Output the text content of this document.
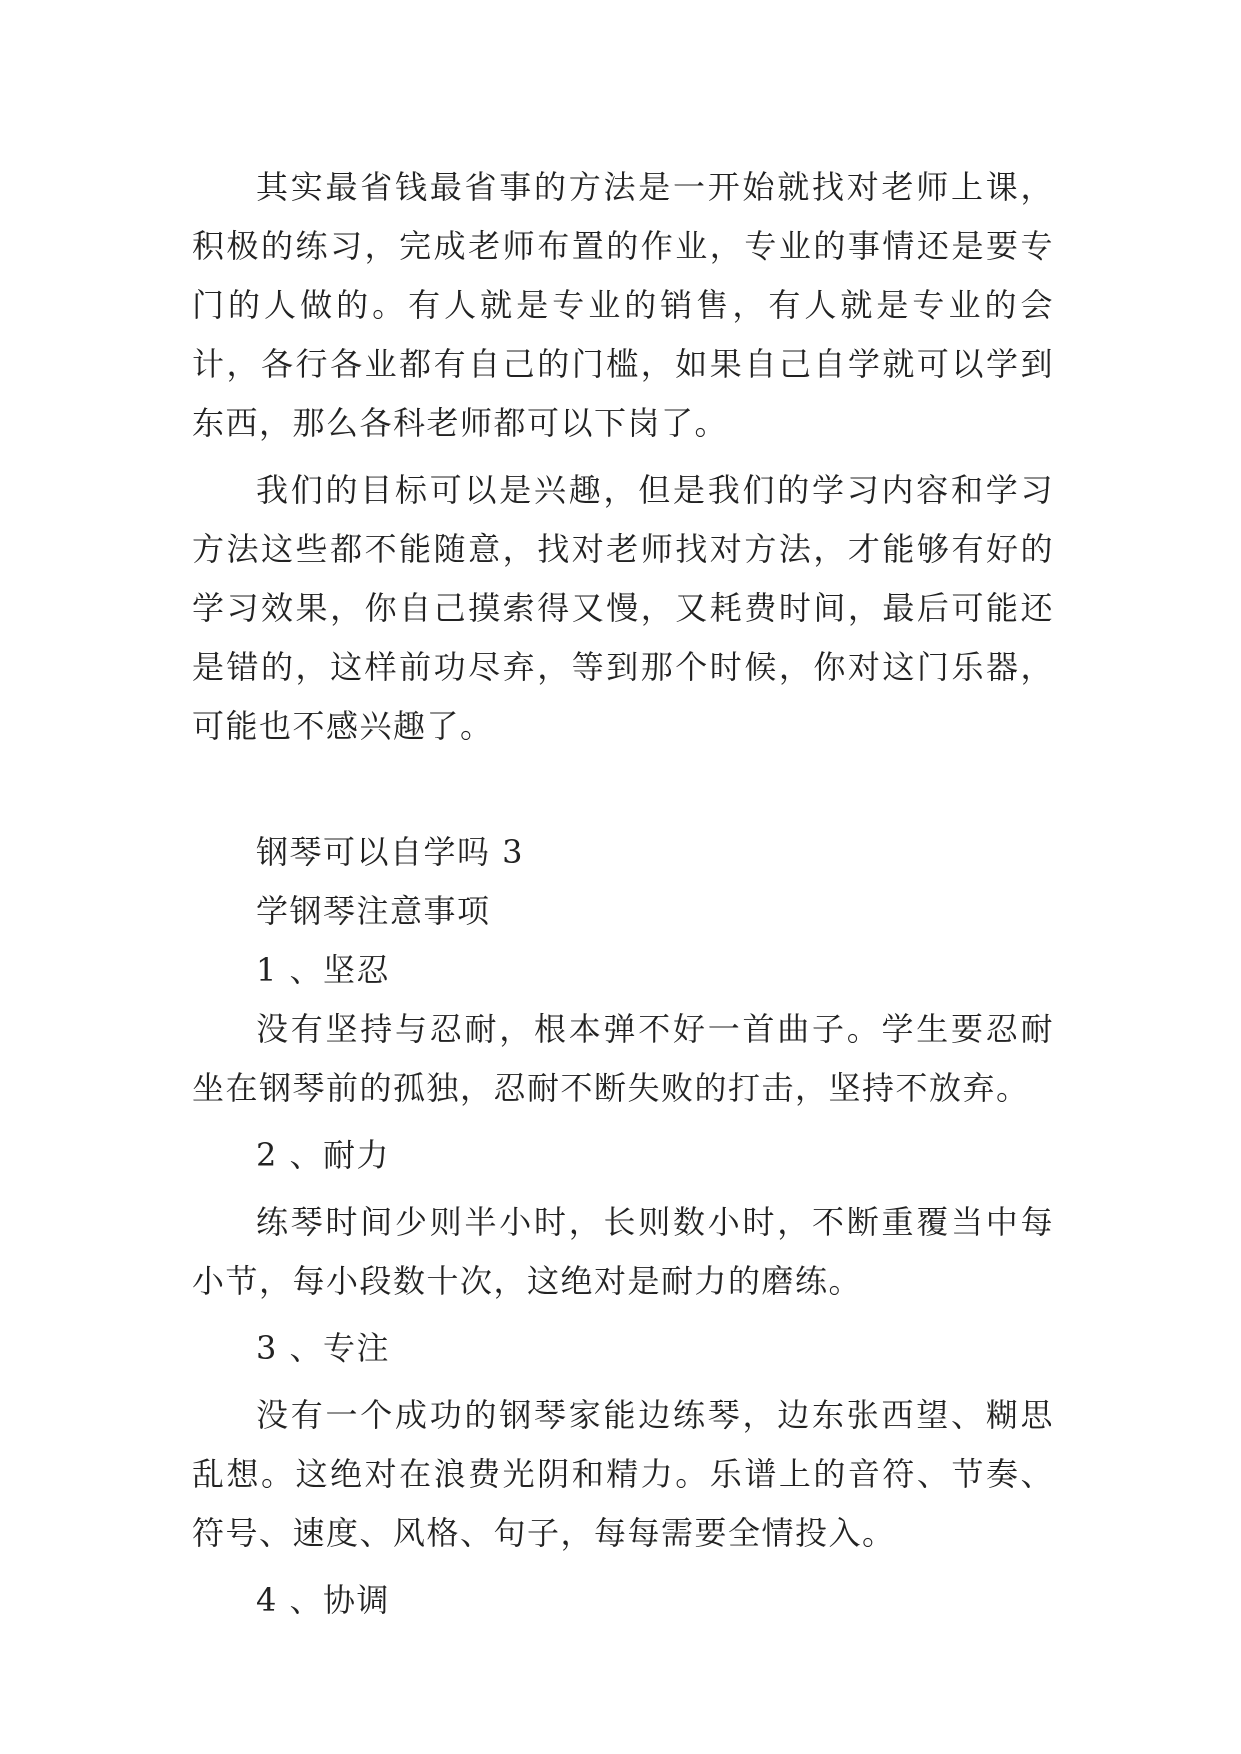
其实最省钱最省事的方法是一开始就找对老师上课，积极的练习，完成老师布置的作业，专业的事情还是要专门的人做的。有人就是专业的销售，有人就是专业的会计，各行各业都有自己的门槛，如果自己自学就可以学到东西，那么各科老师都可以下岗了。

我们的目标可以是兴趣，但是我们的学习内容和学习方法这些都不能随意，找对老师找对方法，才能够有好的学习效果，你自己摸索得又慢，又耗费时间，最后可能还是错的，这样前功尽弃，等到那个时候，你对这门乐器，可能也不感兴趣了。

钢琴可以自学吗 3

学钢琴注意事项

1 、坚忍

没有坚持与忍耐，根本弹不好一首曲子。学生要忍耐坐在钢琴前的孤独，忍耐不断失败的打击，坚持不放弃。

2 、耐力

练琴时间少则半小时，长则数小时，不断重覆当中每小节，每小段数十次，这绝对是耐力的磨练。

3 、专注

没有一个成功的钢琴家能边练琴，边东张西望、糊思乱想。这绝对在浪费光阴和精力。乐谱上的音符、节奏、符号、速度、风格、句子，每每需要全情投入。

4 、协调
